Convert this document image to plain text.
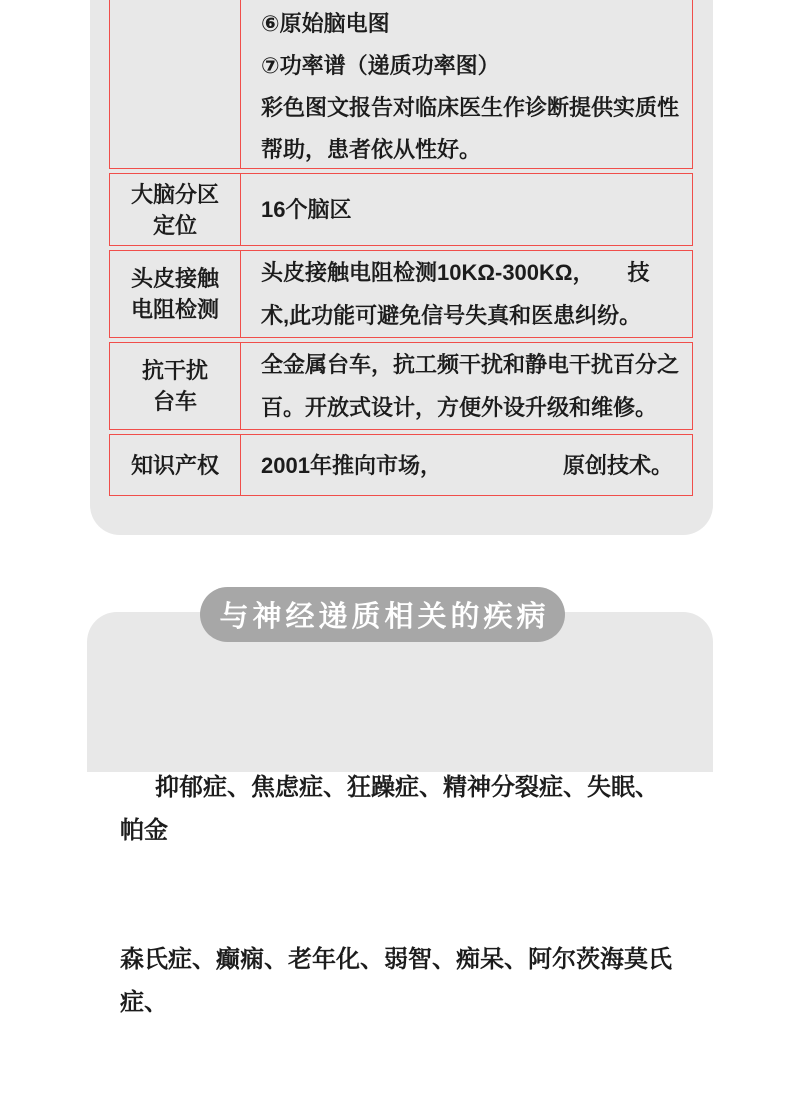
⑥原始脑电图
⑦功率谱（递质功率图）
彩色图文报告对临床医生作诊断提供实质性
帮助，患者依从性好。
大脑分区
定位
16个脑区
头皮接触
电阻检测
头皮接触电阻检测10KΩ-300KΩ，　　技
术,此功能可避免信号失真和医患纠纷。
抗干扰
台车
全金属台车，抗工频干扰和静电干扰百分之
百。开放式设计，方便外设升级和维修。
知识产权 2001年推向市场，　　　　　　原创技术。
与神经递质相关的疾病

抑郁症、焦虑症、狂躁症、精神分裂症、失眠、帕金

森氏症、癫痫、老年化、弱智、痴呆、阿尔茨海莫氏症、
